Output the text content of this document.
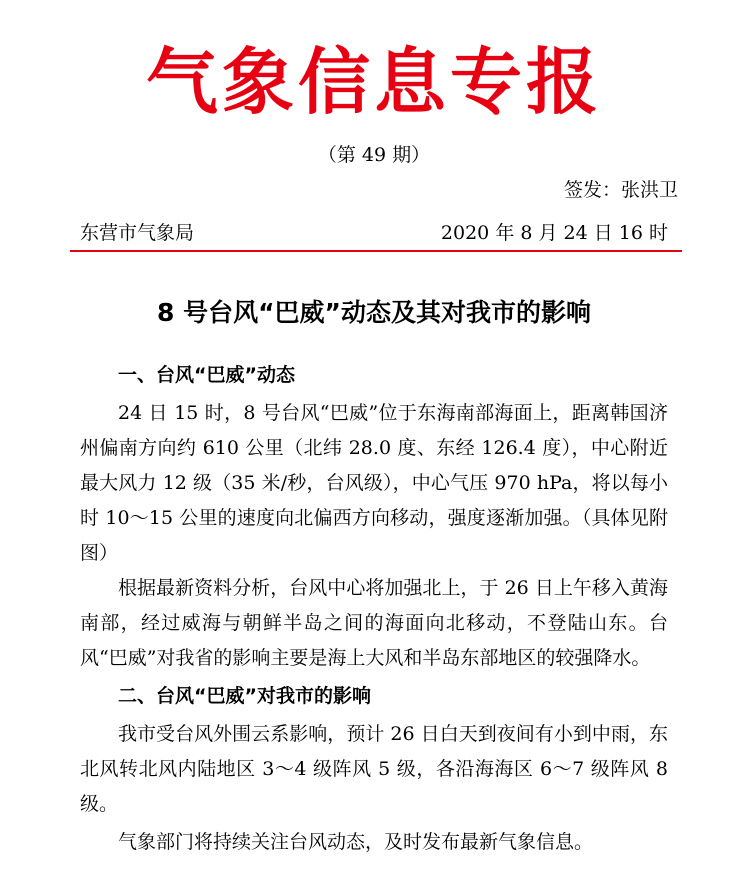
气象信息专报
（第 49 期）
签发：张洪卫
东营市气象局	2020 年 8 月 24 日 16 时
8 号台风“巴威”动态及其对我市的影响
一、台风“巴威”动态

24 日 15 时，8 号台风“巴威”位于东海南部海面上，距离韩国济州偏南方向约 610 公里（北纬 28.0 度、东经 126.4 度），中心附近最大风力 12 级（35 米/秒，台风级），中心气压 970 hPa，将以每小时 10～15 公里的速度向北偏西方向移动，强度逐渐加强。（具体见附图）

根据最新资料分析，台风中心将加强北上，于 26 日上午移入黄海南部，经过威海与朝鲜半岛之间的海面向北移动，不登陆山东。台风“巴威”对我省的影响主要是海上大风和半岛东部地区的较强降水。

二、台风“巴威”对我市的影响

我市受台风外围云系影响，预计 26 日白天到夜间有小到中雨，东北风转北风内陆地区 3～4 级阵风 5 级，各沿海海区 6～7 级阵风 8 级。

气象部门将持续关注台风动态，及时发布最新气象信息。
